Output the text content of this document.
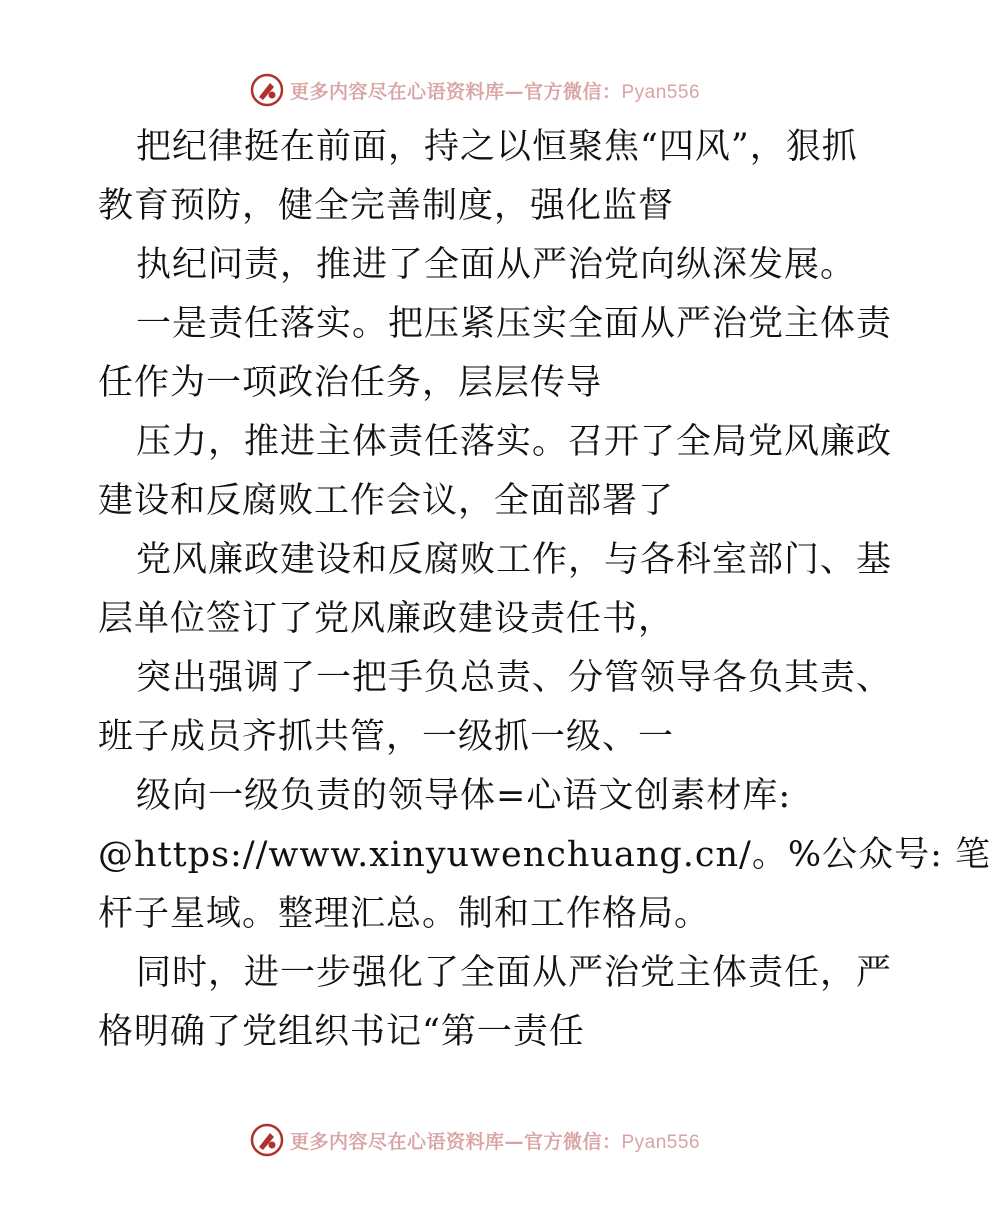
更多内容尽在心语资料库—官方微信：Pyan556
把纪律挺在前面，持之以恒聚焦“四风”，狠抓
教育预防，健全完善制度，强化监督
执纪问责，推进了全面从严治党向纵深发展。
一是责任落实。把压紧压实全面从严治党主体责
任作为一项政治任务，层层传导
压力，推进主体责任落实。召开了全局党风廉政
建设和反腐败工作会议，全面部署了
党风廉政建设和反腐败工作，与各科室部门、基
层单位签订了党风廉政建设责任书，
突出强调了一把手负总责、分管领导各负其责、
班子成员齐抓共管，一级抓一级、一
级向一级负责的领导体=心语文创素材库:
@https://www.xinyuwenchuang.cn/。%公众号: 笔
杆子星域。整理汇总。制和工作格局。
同时，进一步强化了全面从严治党主体责任，严
格明确了党组织书记“第一责任
更多内容尽在心语资料库—官方微信：Pyan556
